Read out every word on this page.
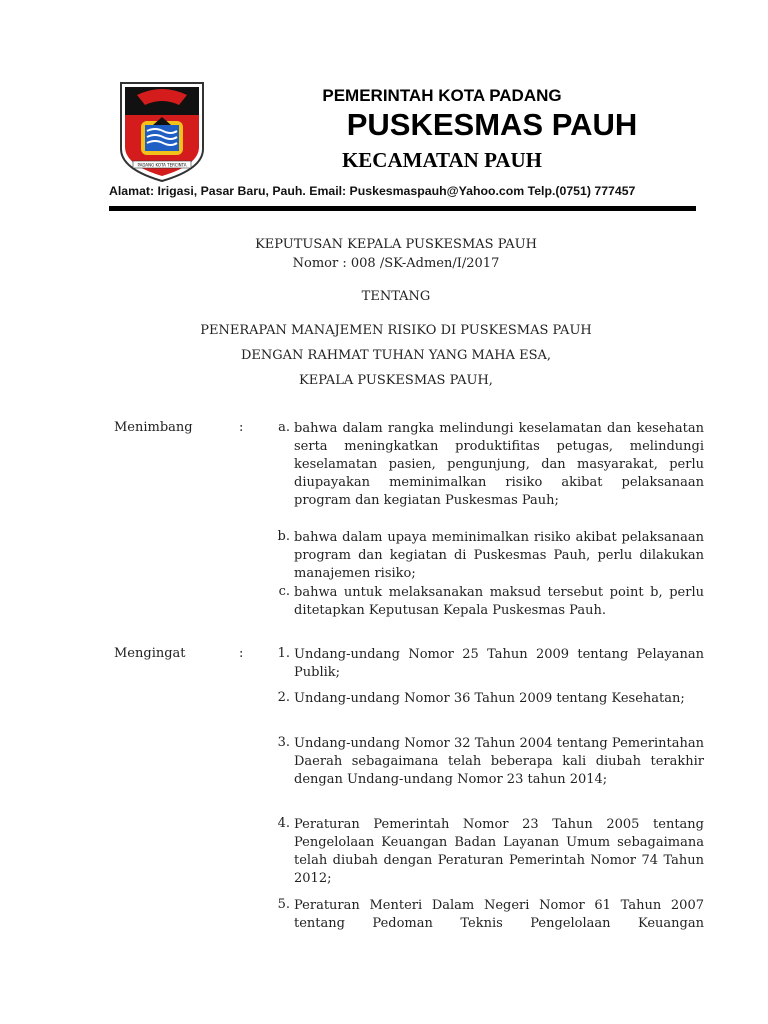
PADANG KOTA TERCINTA
PEMERINTAH KOTA PADANG
PUSKESMAS PAUH
KECAMATAN PAUH
Alamat: Irigasi, Pasar Baru, Pauh. Email: Puskesmaspauh@Yahoo.com Telp.(0751) 777457
KEPUTUSAN KEPALA PUSKESMAS PAUH
Nomor : 008 /SK-Admen/I/2017
TENTANG
PENERAPAN MANAJEMEN RISIKO DI PUSKESMAS PAUH
DENGAN RAHMAT TUHAN YANG MAHA ESA,
KEPALA PUSKESMAS PAUH,
Menimbang	:	a. bahwa dalam rangka melindungi keselamatan dan kesehatan serta meningkatkan produktifitas petugas, melindungi keselamatan pasien, pengunjung, dan masyarakat, perlu diupayakan meminimalkan risiko akibat pelaksanaan program dan kegiatan Puskesmas Pauh;
b. bahwa dalam upaya meminimalkan risiko akibat pelaksanaan program dan kegiatan di Puskesmas Pauh, perlu dilakukan manajemen risiko;
c. bahwa untuk melaksanakan maksud tersebut point b, perlu ditetapkan Keputusan Kepala Puskesmas Pauh.
Mengingat	:	1. Undang-undang Nomor 25 Tahun 2009 tentang Pelayanan Publik;
2. Undang-undang Nomor 36 Tahun 2009 tentang Kesehatan;
3. Undang-undang Nomor 32 Tahun 2004 tentang Pemerintahan Daerah sebagaimana telah beberapa kali diubah terakhir dengan Undang-undang Nomor 23 tahun 2014;
4. Peraturan Pemerintah Nomor 23 Tahun 2005 tentang Pengelolaan Keuangan Badan Layanan Umum sebagaimana telah diubah dengan Peraturan Pemerintah Nomor 74 Tahun 2012;
5. Peraturan Menteri Dalam Negeri Nomor 61 Tahun 2007 tentang Pedoman Teknis Pengelolaan Keuangan
